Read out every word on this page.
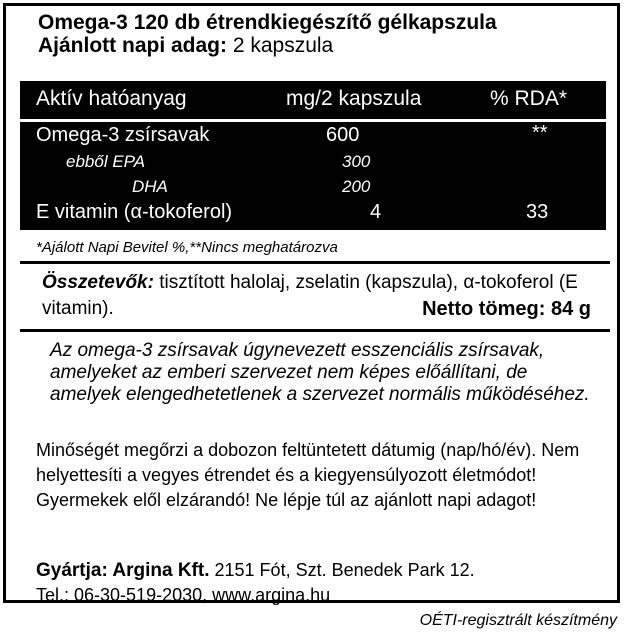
Omega-3 120 db étrendkiegészítő gélkapszula
Ajánlott napi adag: 2 kapszula
Aktív hatóanyag	mg/2 kapszula	% RDA*
Omega-3 zsírsavak	600	**
ebből EPA	300
DHA	200
E vitamin (α-tokoferol)	4	33
*Ajálott Napi Bevitel %,**Nincs meghatározva
Összetevők: tisztított halolaj, zselatin (kapszula), α-tokoferol (E vitamin).	Netto tömeg: 84 g
Az omega-3 zsírsavak úgynevezett esszenciális zsírsavak, amelyeket az emberi szervezet nem képes előállítani, de amelyek elengedhetetlenek a szervezet normális működéséhez.
Minőségét megőrzi a dobozon feltüntetett dátumig (nap/hó/év). Nem helyettesíti a vegyes étrendet és a kiegyensúlyozott életmódot! Gyermekek elől elzárandó! Ne lépje túl az ajánlott napi adagot!
Gyártja: Argina Kft. 2151 Fót, Szt. Benedek Park 12.
Tel.: 06-30-519-2030, www.argina.hu
OÉTI-regisztrált készítmény
